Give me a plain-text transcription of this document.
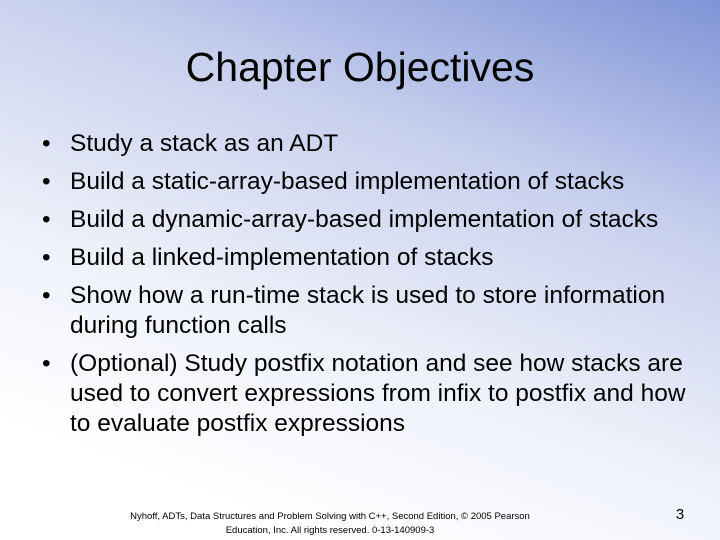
Chapter Objectives
• Study a stack as an ADT
• Build a static-array-based implementation of stacks
• Build a dynamic-array-based implementation of stacks
• Build a linked-implementation of stacks
• Show how a run-time stack is used to store information during function calls
• (Optional) Study postfix notation and see how stacks are used to convert expressions from infix to postfix and how to evaluate postfix expressions
Nyhoff, ADTs, Data Structures and Problem Solving with C++, Second Edition, © 2005 Pearson
Education, Inc. All rights reserved. 0-13-140909-3
3
